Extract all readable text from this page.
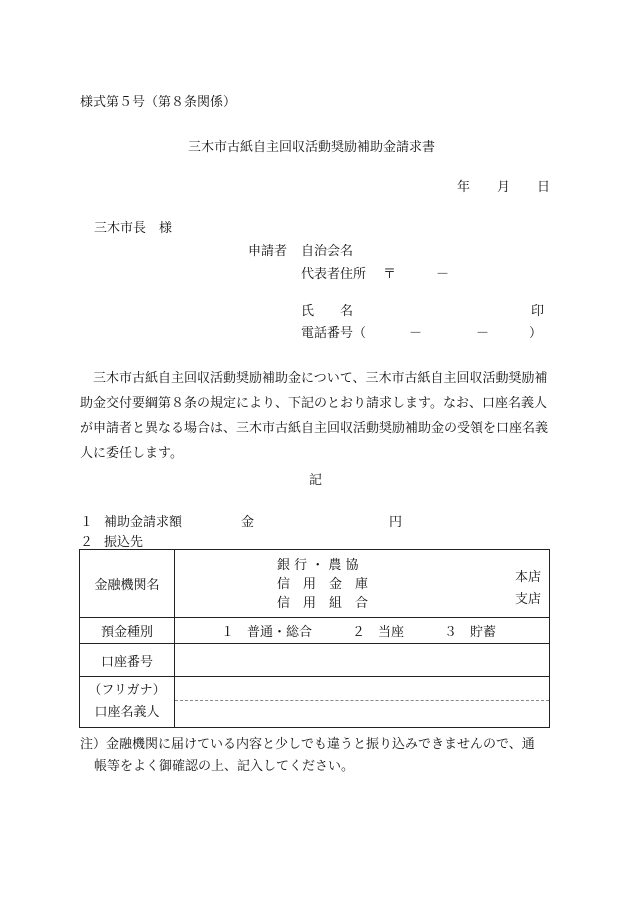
様式第５号（第８条関係）
三木市古紙自主回収活動奨励補助金請求書
年 月 日
三木市長　様
申請者 自治会名
代表者住所 〒	－
氏　　名	印
電話番号（	－	－	）
三木市古紙自主回収活動奨励補助金について、三木市古紙自主回収活動奨励補助金交付要綱第８条の規定により、下記のとおり請求します。なお、口座名義人が申請者と異なる場合は、三木市古紙自主回収活動奨励補助金の受領を口座名義人に委任します。
記
１ 補助金請求額	金	円
２ 振込先
金融機関名	銀 行 ・ 農 協
信　用　金　庫
信　用　組　合
本店
支店

預金種別	１　普通・総合 ２　当座 ３　貯蓄

口座番号	

（フリガナ）
口座名義人	

注）金融機関に届けている内容と少しでも違うと振り込みできませんので、通
帳等をよく御確認の上、記入してください。
